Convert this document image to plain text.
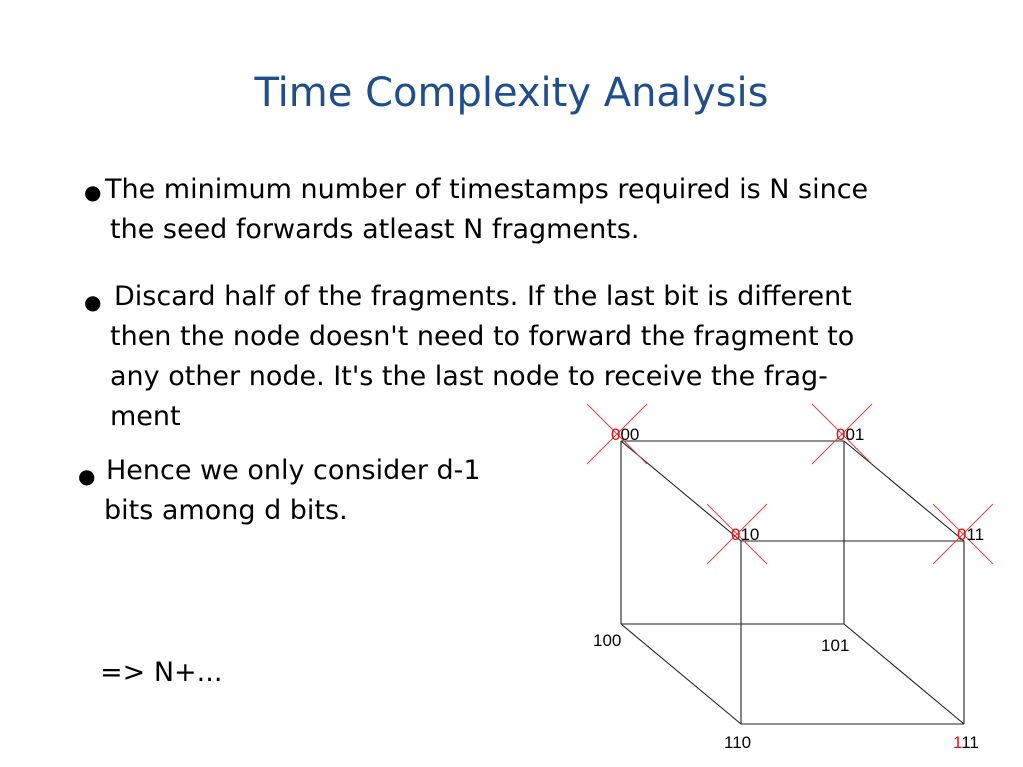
Time Complexity Analysis
● The minimum number of timestamps required is N since
the seed forwards atleast N fragments.
● Discard half of the fragments. If the last bit is different
then the node doesn't need to forward the fragment to
any other node. It's the last node to receive the frag-
ment
● Hence we only consider d-1
bits among d bits.
=> N+...
000	001
010	011
100	101
110	111
